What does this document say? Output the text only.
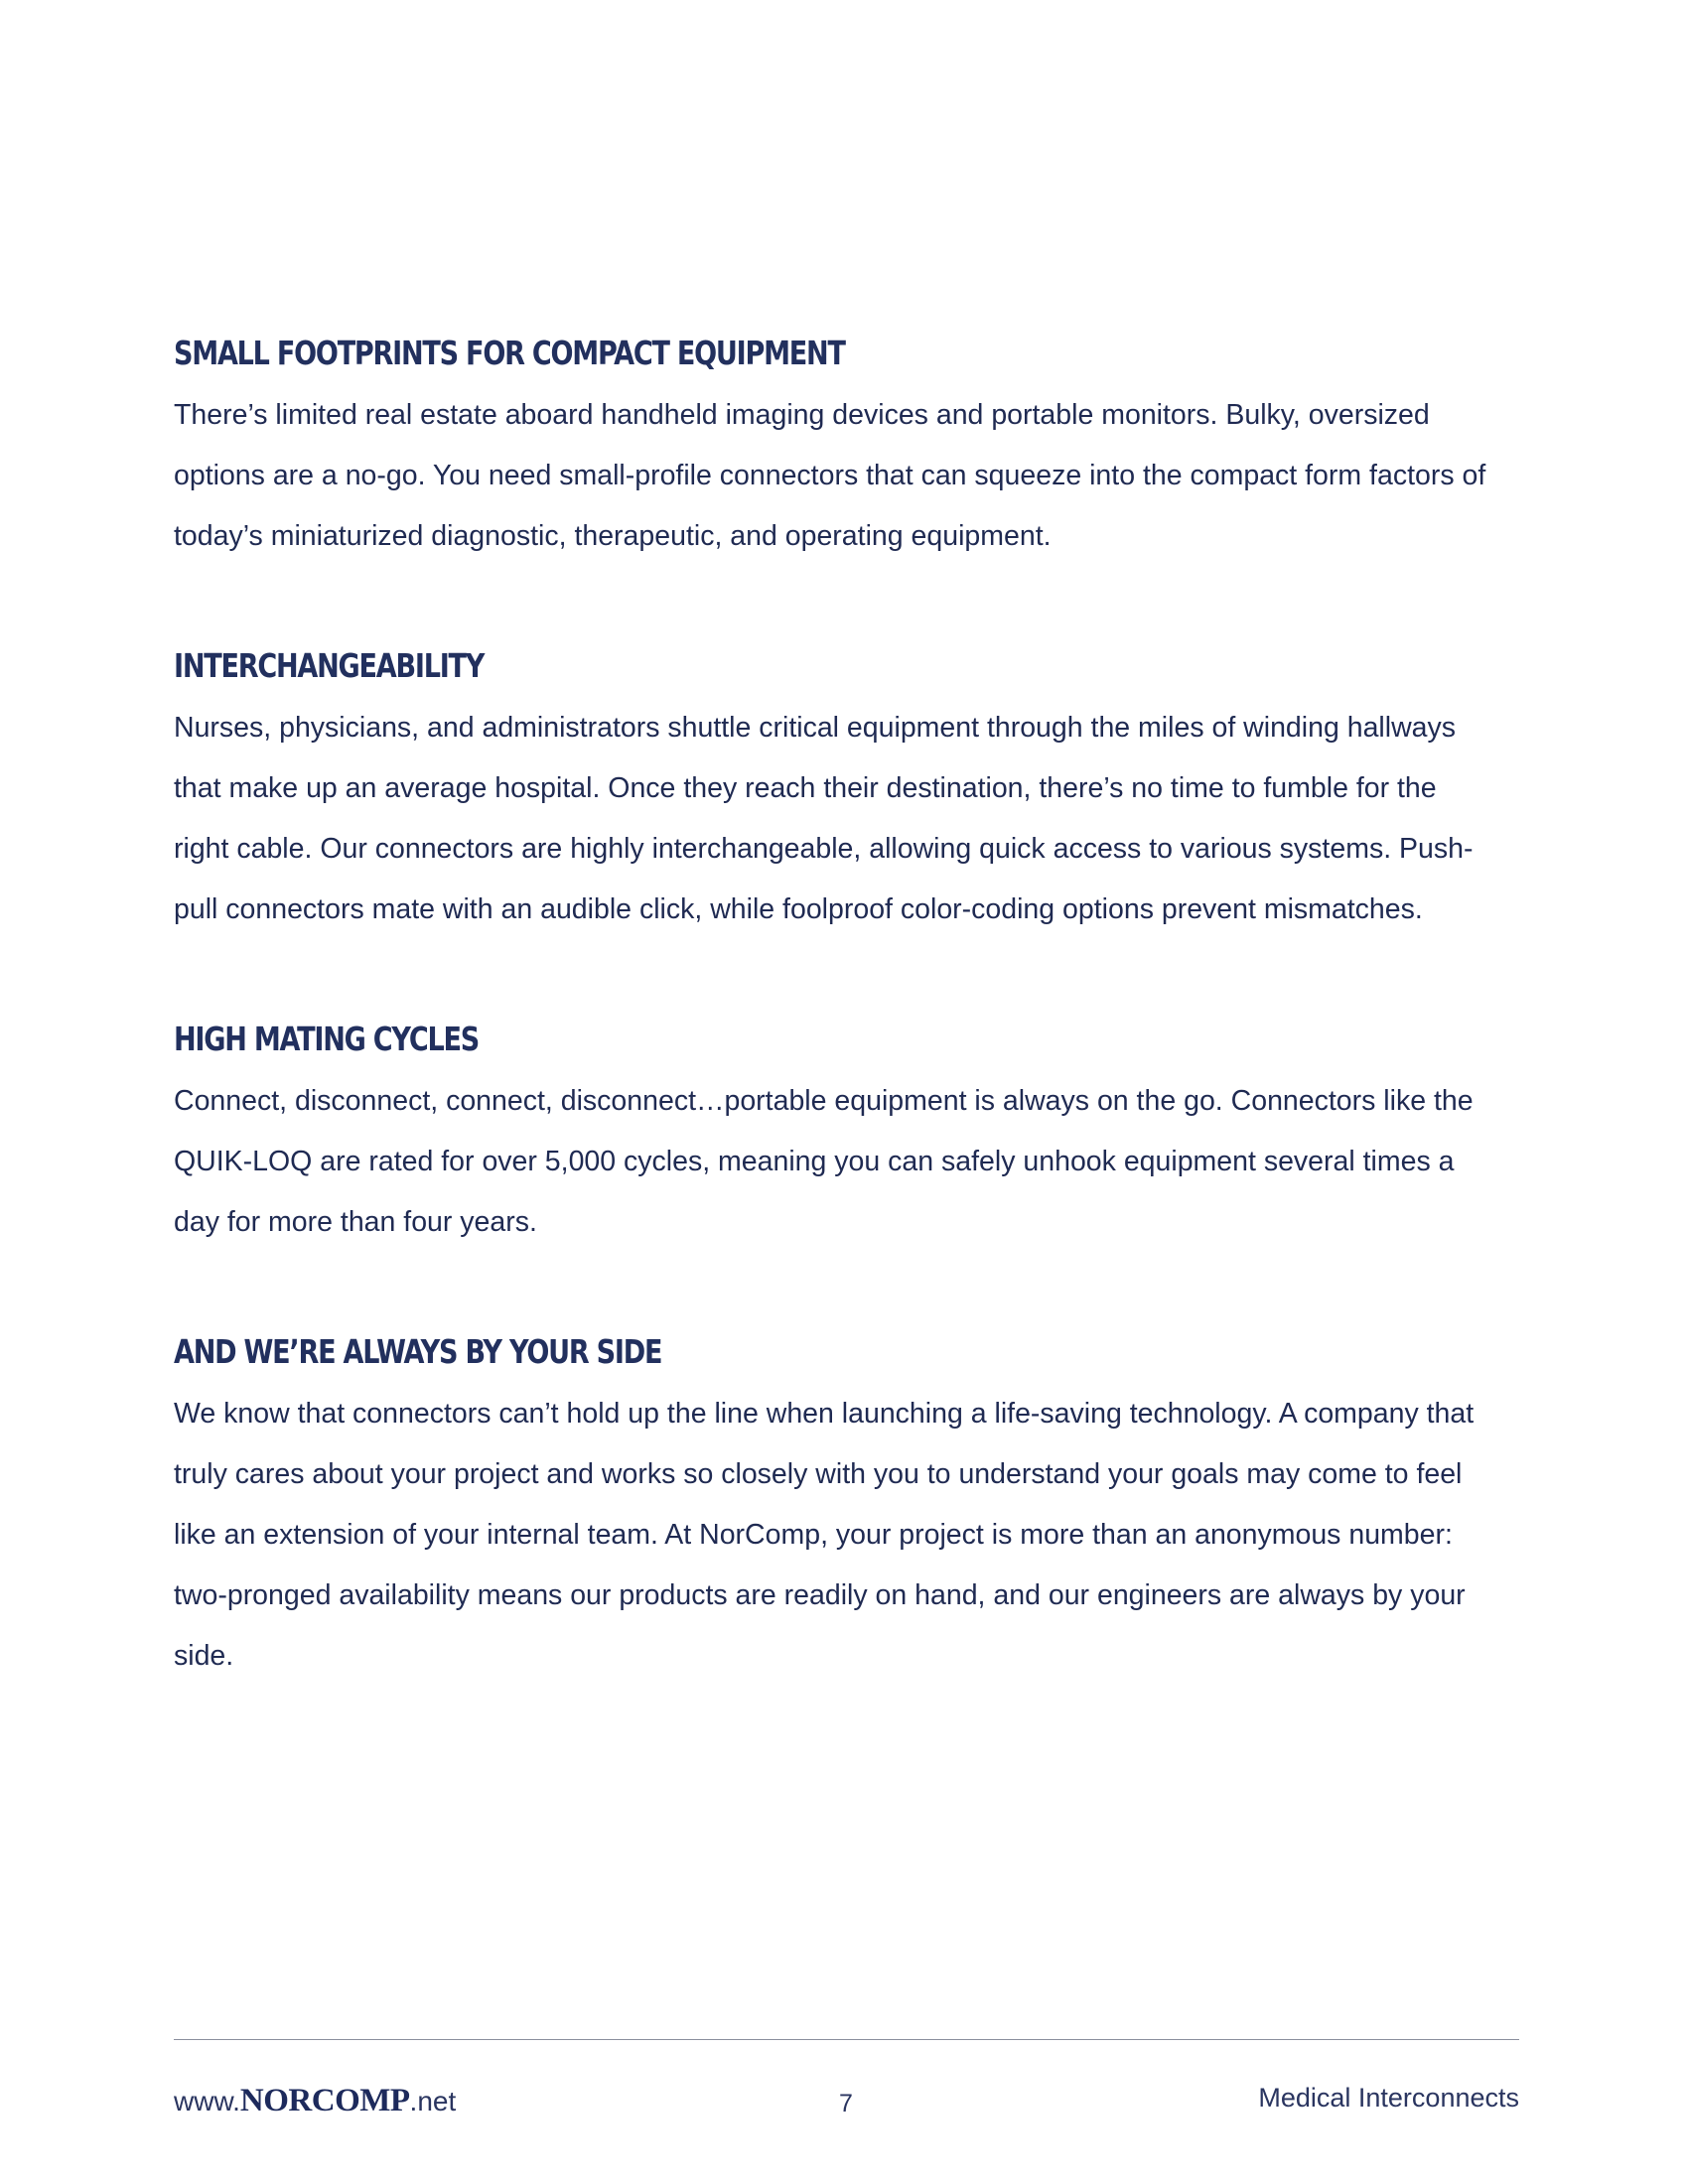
SMALL FOOTPRINTS FOR COMPACT EQUIPMENT

There’s limited real estate aboard handheld imaging devices and portable monitors. Bulky, oversized options are a no-go. You need small-profile connectors that can squeeze into the compact form factors of today’s miniaturized diagnostic, therapeutic, and operating equipment.

INTERCHANGEABILITY

Nurses, physicians, and administrators shuttle critical equipment through the miles of winding hallways that make up an average hospital. Once they reach their destination, there’s no time to fumble for the right cable. Our connectors are highly interchangeable, allowing quick access to various systems. Push-pull connectors mate with an audible click, while foolproof color-coding options prevent mismatches.

HIGH MATING CYCLES

Connect, disconnect, connect, disconnect…portable equipment is always on the go. Connectors like the QUIK-LOQ are rated for over 5,000 cycles, meaning you can safely unhook equipment several times a day for more than four years.

AND WE’RE ALWAYS BY YOUR SIDE

We know that connectors can’t hold up the line when launching a life-saving technology. A company that truly cares about your project and works so closely with you to understand your goals may come to feel like an extension of your internal team. At NorComp, your project is more than an anonymous number: two-pronged availability means our products are readily on hand, and our engineers are always by your side.

www.NORCOMP.net	7	Medical Interconnects
